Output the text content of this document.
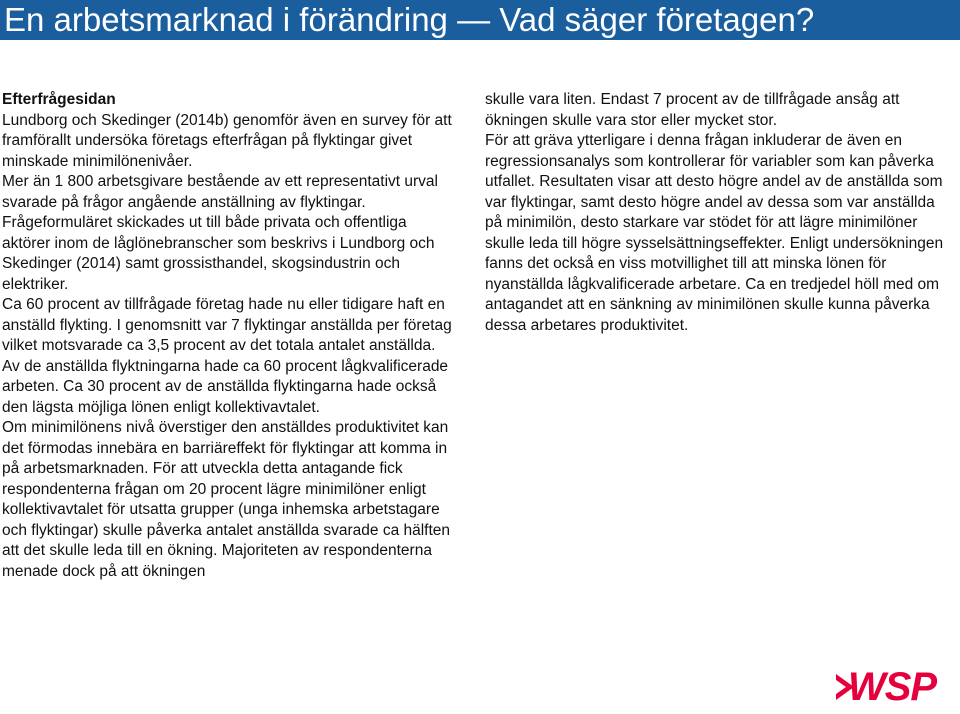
En arbetsmarknad i förändring — Vad säger företagen?

Efterfrågesidan

Lundborg och Skedinger (2014b) genomför även en survey för att framförallt undersöka företags efterfrågan på flyktingar givet minskade minimilönenivåer.

Mer än 1 800 arbetsgivare bestående av ett representativt urval svarade på frågor angående anställning av flyktingar.

Frågeformuläret skickades ut till både privata och offentliga aktörer inom de låglönebranscher som beskrivs i Lundborg och Skedinger (2014) samt grossisthandel, skogsindustrin och elektriker.

Ca 60 procent av tillfrågade företag hade nu eller tidigare haft en anställd flykting. I genomsnitt var 7 flyktingar anställda per företag vilket motsvarade ca 3,5 procent av det totala antalet anställda. Av de anställda flyktningarna hade ca 60 procent lågkvalificerade arbeten. Ca 30 procent av de anställda flyktingarna hade också den lägsta möjliga lönen enligt kollektivavtalet.

Om minimilönens nivå överstiger den anställdes produktivitet kan det förmodas innebära en barriäreffekt för flyktingar att komma in på arbetsmarknaden. För att utveckla detta antagande fick respondenterna frågan om 20 procent lägre minimilöner enligt kollektivavtalet för utsatta grupper (unga inhemska arbetstagare och flyktingar) skulle påverka antalet anställda svarade ca hälften att det skulle leda till en ökning. Majoriteten av respondenterna menade dock på att ökningen

skulle vara liten. Endast 7 procent av de tillfrågade ansåg att ökningen skulle vara stor eller mycket stor.

För att gräva ytterligare i denna frågan inkluderar de även en regressionsanalys som kontrollerar för variabler som kan påverka utfallet. Resultaten visar att desto högre andel av de anställda som var flyktingar, samt desto högre andel av dessa som var anställda på minimilön, desto starkare var stödet för att lägre minimilöner skulle leda till högre sysselsättningseffekter. Enligt undersökningen fanns det också en viss motvillighet till att minska lönen för nyanställda lågkvalificerade arbetare. Ca en tredjedel höll med om antagandet att en sänkning av minimilönen skulle kunna påverka dessa arbetares produktivitet.

WSP
